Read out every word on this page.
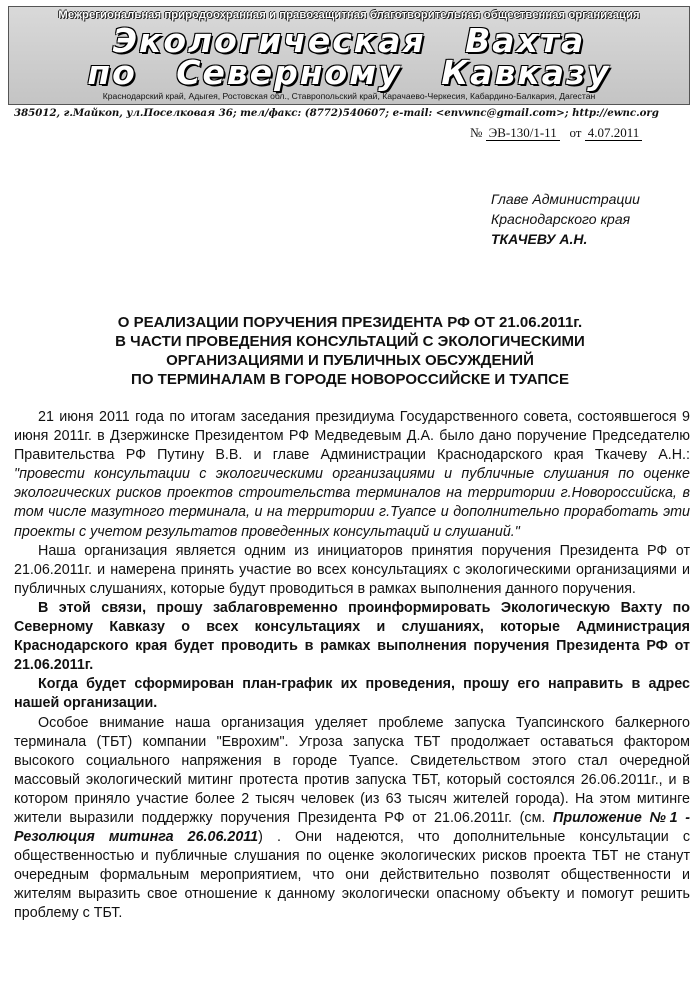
Межрегиональная природоохранная и правозащитная благотворительная общественная организация
Экологическая Вахта
по Северному Кавказу
Краснодарский край, Адыгея, Ростовская обл., Ставропольский край, Карачаево-Черкесия, Кабардино-Балкария, Дагестан
385012, г.Майкоп, ул.Поселковая 36; тел/факс: (8772)540607; e-mail: <envwnc@gmail.com>; http://ewnc.org
№ ЭВ-130/1-11 от 4.07.2011
Главе Администрации
Краснодарского края
ТКАЧЕВУ А.Н.
О РЕАЛИЗАЦИИ ПОРУЧЕНИЯ ПРЕЗИДЕНТА РФ ОТ 21.06.2011г.
В ЧАСТИ ПРОВЕДЕНИЯ КОНСУЛЬТАЦИЙ С ЭКОЛОГИЧЕСКИМИ
ОРГАНИЗАЦИЯМИ И ПУБЛИЧНЫХ ОБСУЖДЕНИЙ
ПО ТЕРМИНАЛАМ В ГОРОДЕ НОВОРОССИЙСКЕ И ТУАПСЕ

21 июня 2011 года по итогам заседания президиума Государственного совета, состоявшегося 9 июня 2011г. в Дзержинске Президентом РФ Медведевым Д.А. было дано поручение Председателю Правительства РФ Путину В.В. и главе Администрации Краснодарского края Ткачеву А.Н.: "провести консультации с экологическими организациями и публичные слушания по оценке экологических рисков проектов строительства терминалов на территории г.Новороссийска, в том числе мазутного терминала, и на территории г.Туапсе и дополнительно проработать эти проекты с учетом результатов проведенных консультаций и слушаний."

Наша организация является одним из инициаторов принятия поручения Президента РФ от 21.06.2011г. и намерена принять участие во всех консультациях с экологическими организациями и публичных слушаниях, которые будут проводиться в рамках выполнения данного поручения.

В этой связи, прошу заблаговременно проинформировать Экологическую Вахту по Северному Кавказу о всех консультациях и слушаниях, которые Администрация Краснодарского края будет проводить в рамках выполнения поручения Президента РФ от 21.06.2011г.

Когда будет сформирован план-график их проведения, прошу его направить в адрес нашей организации.

Особое внимание наша организация уделяет проблеме запуска Туапсинского балкерного терминала (ТБТ) компании "Еврохим". Угроза запуска ТБТ продолжает оставаться фактором высокого социального напряжения в городе Туапсе. Свидетельством этого стал очередной массовый экологический митинг протеста против запуска ТБТ, который состоялся 26.06.2011г., и в котором приняло участие более 2 тысяч человек (из 63 тысяч жителей города). На этом митинге жители выразили поддержку поручения Президента РФ от 21.06.2011г. (см. Приложение №1 - Резолюция митинга 26.06.2011) . Они надеются, что дополнительные консультации с общественностью и публичные слушания по оценке экологических рисков проекта ТБТ не станут очередным формальным мероприятием, что они действительно позволят общественности и жителям выразить свое отношение к данному экологически опасному объекту и помогут решить проблему с ТБТ.
